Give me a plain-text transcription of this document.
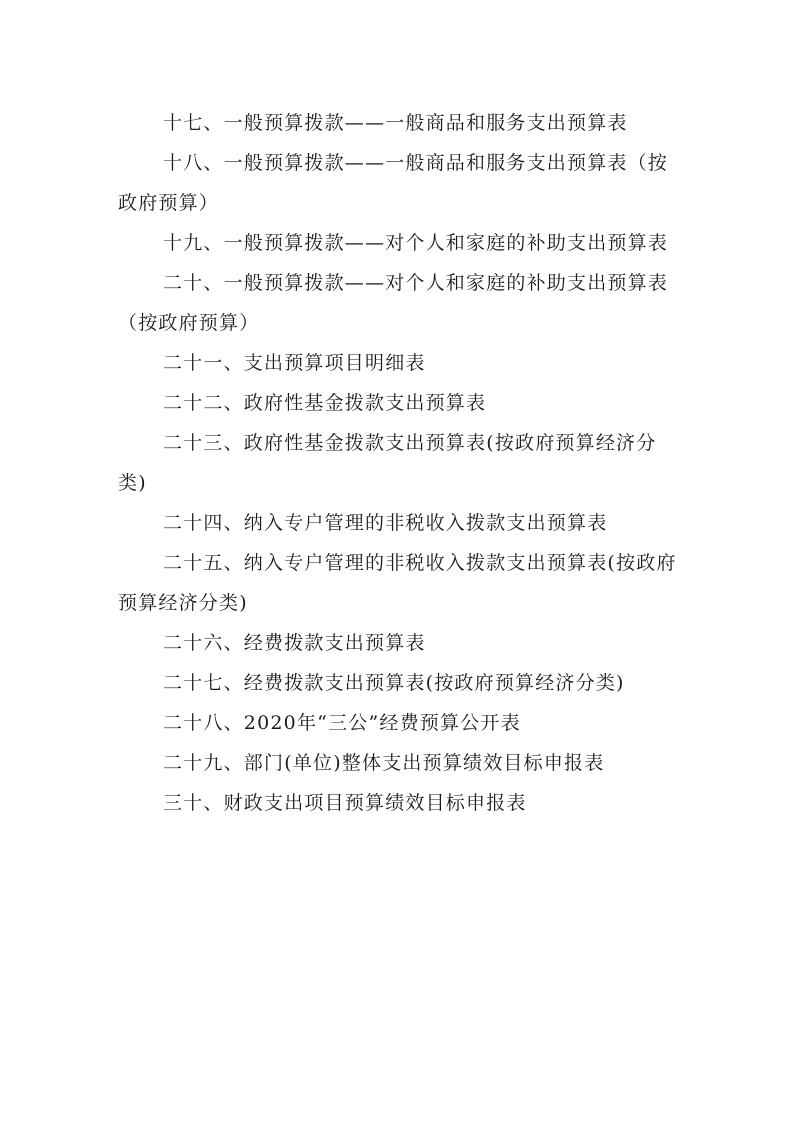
十七、一般预算拨款——一般商品和服务支出预算表
十八、一般预算拨款——一般商品和服务支出预算表（按政府预算）
十九、一般预算拨款——对个人和家庭的补助支出预算表
二十、一般预算拨款——对个人和家庭的补助支出预算表（按政府预算）
二十一、支出预算项目明细表
二十二、政府性基金拨款支出预算表
二十三、政府性基金拨款支出预算表(按政府预算经济分类)
二十四、纳入专户管理的非税收入拨款支出预算表
二十五、纳入专户管理的非税收入拨款支出预算表(按政府预算经济分类)
二十六、经费拨款支出预算表
二十七、经费拨款支出预算表(按政府预算经济分类)
二十八、2020年“三公”经费预算公开表
二十九、部门(单位)整体支出预算绩效目标申报表
三十、财政支出项目预算绩效目标申报表
